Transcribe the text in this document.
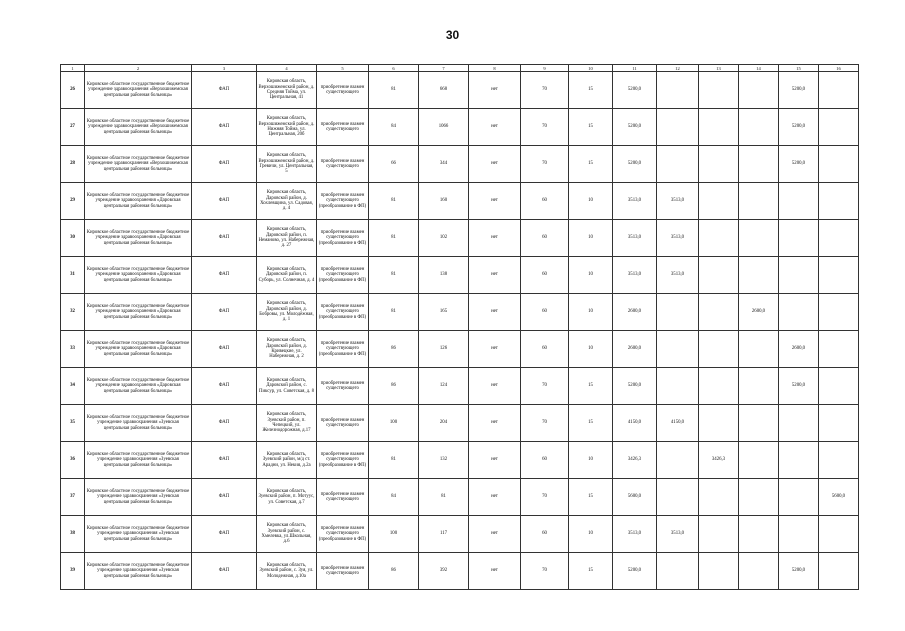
30
1	2	3	4	5	6	7	8	9	10	11	12	13	14	15	16
26	Кировское областное государственное бюджетное учреждение здравоохранения «Верхошижемская центральная районная больница»	ФАП	Кировская область, Верхошижемский район, д. Средняя Тойма, ул. Центральная, 41	приобретение взамен существующего	81	668	нет	70	15	5200,0				5200,0	
27	Кировское областное государственное бюджетное учреждение здравоохранения «Верхошижемская центральная районная больница»	ФАП	Кировская область, Верхошижемский район, д. Нижняя Тойма, ул. Центральная, 20б	приобретение взамен существующего	84	1066	нет	70	15	5200,0				5200,0	
28	Кировское областное государственное бюджетное учреждение здравоохранения «Верхошижемская центральная районная больница»	ФАП	Кировская область, Верхошижемский район, д. Гревичи, ул. Центральная, 5	приобретение взамен существующего	66	344	нет	70	15	5200,0				5200,0	
29	Кировское областное государственное бюджетное учреждение здравоохранения «Даровская центральная районная больница»	ФАП	Кировская область, Даровской район, д. Хохлевщина, ул. Садовая, д. 4	приобретение взамен существующего (преобразование в ФП)	81	160	нет	60	10	3513,0	3513,0				
30	Кировское областное государственное бюджетное учреждение здравоохранения «Даровская центральная районная больница»	ФАП	Кировская область, Даровской район, п. Неманово, ул. Набережная, д. 27	приобретение взамен существующего (преобразование в ФП)	81	102	нет	60	10	3513,0	3513,0				
31	Кировское областное государственное бюджетное учреждение здравоохранения «Даровская центральная районная больница»	ФАП	Кировская область, Даровской район, п. Суборь, ул. Солнечная, д. 4	приобретение взамен существующего (преобразование в ФП)	81	138	нет	60	10	3513,0	3513,0				
32	Кировское областное государственное бюджетное учреждение здравоохранения «Даровская центральная районная больница»	ФАП	Кировская область, Даровской район, д. Бобровы, ул. Молодёжная, д. 1	приобретение взамен существующего (преобразование в ФП)	81	165	нет	60	10	2600,0			2600,0		
33	Кировское областное государственное бюджетное учреждение здравоохранения «Даровская центральная районная больница»	ФАП	Кировская область, Даровской район, д. Кривецкие, ул. Набережная, д. 2	приобретение взамен существующего (преобразование в ФП)	86	126	нет	60	10	2600,0				2600,0	
34	Кировское областное государственное бюджетное учреждение здравоохранения «Даровская центральная районная больница»	ФАП	Кировская область, Даровской район, с. Пиксур, ул. Советская, д. 8	приобретение взамен существующего	86	124	нет	70	15	5200,0				5200,0	
35	Кировское областное государственное бюджетное учреждение здравоохранения «Зуевская центральная районная больница»	ФАП	Кировская область, Зуевский район, п. Чепецкий, ул. Железнодорожная, д.17	приобретение взамен существующего	100	204	нет	70	15	4150,0	4150,0				
36	Кировское областное государственное бюджетное учреждение здравоохранения «Зуевская центральная районная больница»	ФАП	Кировская область, Зуевский район, м/д ст. Арадни, ул. Некия, д.2а	приобретение взамен существующего (преобразование в ФП)	81	132	нет	60	10	3426,3		3426,3			
37	Кировское областное государственное бюджетное учреждение здравоохранения «Зуевская центральная районная больница»	ФАП	Кировская область, Зуевский район, п. Мотуус, ул. Советская, д.7	приобретение взамен существующего	84	81	нет	70	15	5600,0					5600,0
38	Кировское областное государственное бюджетное учреждение здравоохранения «Зуевская центральная районная больница»	ФАП	Кировская область, Зуевский район, с. Хмелевка, ул.Школьная, д.6	приобретение взамен существующего (преобразование в ФП)	100	117	нет	60	10	3513,0	3513,0				
39	Кировское областное государственное бюджетное учреждение здравоохранения «Зуевская центральная районная больница»	ФАП	Кировская область, Зуевский район, с. Зуя, ул. Молодежная, д.10а	приобретение взамен существующего	86	392	нет	70	15	5200,0				5200,0	
